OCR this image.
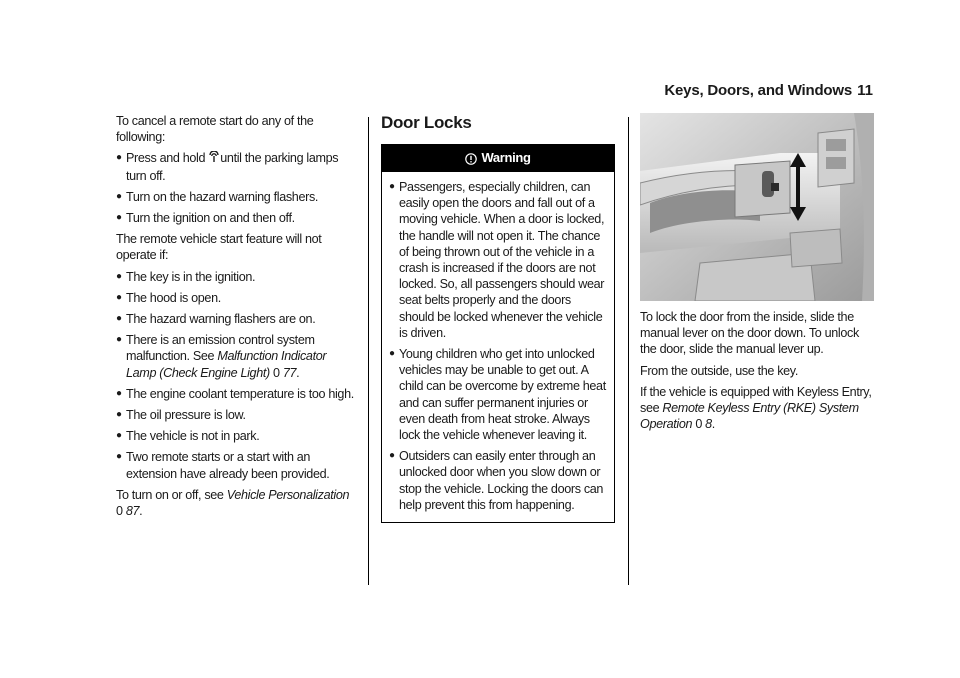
Keys, Doors, and Windows 11

To cancel a remote start do any of the following:

● Press and hold until the parking lamps turn off.
● Turn on the hazard warning flashers.
● Turn the ignition on and then off.

The remote vehicle start feature will not operate if:

● The key is in the ignition.
● The hood is open.
● The hazard warning flashers are on.
● There is an emission control system malfunction. See Malfunction Indicator Lamp (Check Engine Light) 0 77.
● The engine coolant temperature is too high.
● The oil pressure is low.
● The vehicle is not in park.
● Two remote starts or a start with an extension have already been provided.

To turn on or off, see Vehicle Personalization
0 87.

Door Locks
Warning
● Passengers, especially children, can easily open the doors and fall out of a moving vehicle. When a door is locked, the handle will not open it. The chance of being thrown out of the vehicle in a crash is increased if the doors are not locked. So, all passengers should wear seat belts properly and the doors should be locked whenever the vehicle is driven.
● Young children who get into unlocked vehicles may be unable to get out. A child can be overcome by extreme heat and can suffer permanent injuries or even death from heat stroke. Always lock the vehicle whenever leaving it.
● Outsiders can easily enter through an unlocked door when you slow down or stop the vehicle. Locking the doors can help prevent this from happening.

To lock the door from the inside, slide the manual lever on the door down. To unlock the door, slide the manual lever up.

From the outside, use the key.

If the vehicle is equipped with Keyless Entry, see Remote Keyless Entry (RKE) System Operation 0 8.
